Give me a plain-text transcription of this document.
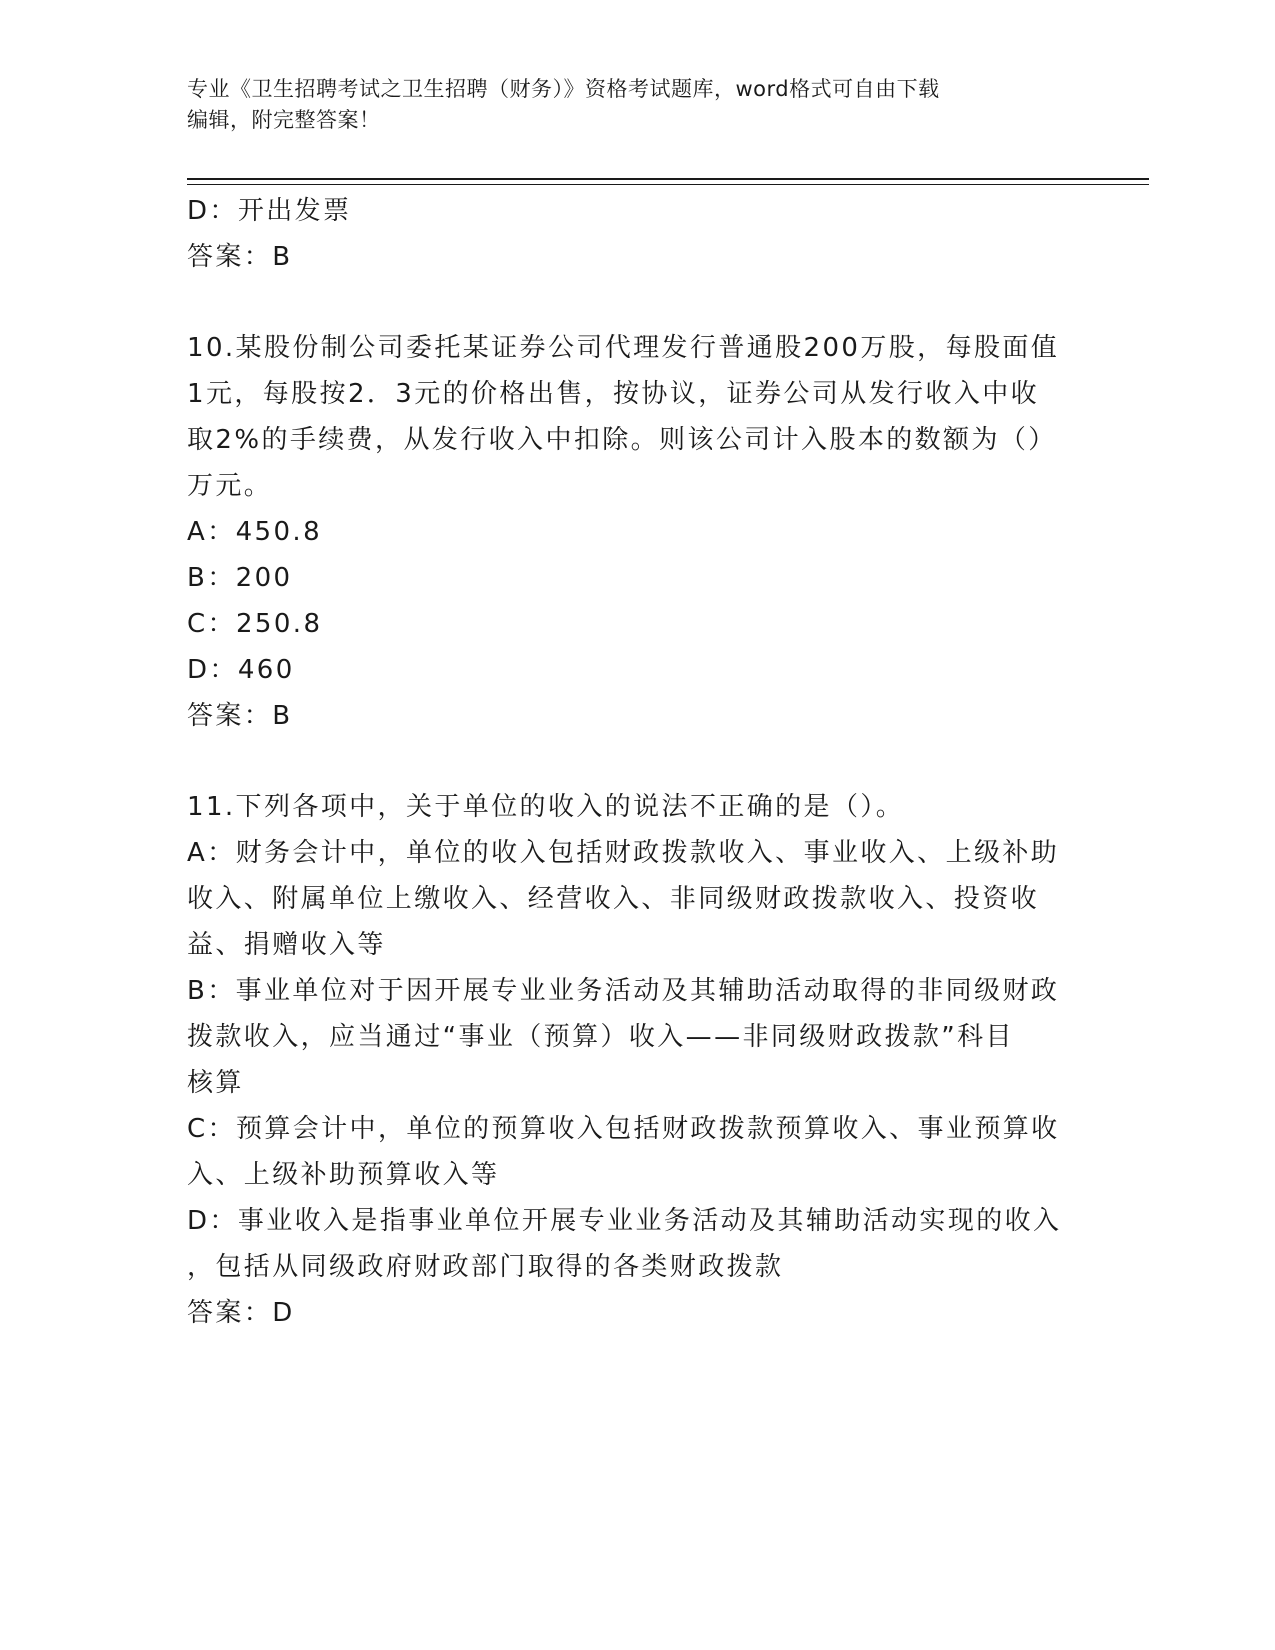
专业《卫生招聘考试之卫生招聘（财务）》资格考试题库，word格式可自由下载
编辑，附完整答案！
D：开出发票
答案：B
10.某股份制公司委托某证券公司代理发行普通股200万股，每股面值
1元，每股按2．3元的价格出售，按协议，证券公司从发行收入中收
取2%的手续费，从发行收入中扣除。则该公司计入股本的数额为（）
万元。
A：450.8
B：200
C：250.8
D：460
答案：B
11.下列各项中，关于单位的收入的说法不正确的是（）。
A：财务会计中，单位的收入包括财政拨款收入、事业收入、上级补助
收入、附属单位上缴收入、经营收入、非同级财政拨款收入、投资收
益、捐赠收入等
B：事业单位对于因开展专业业务活动及其辅助活动取得的非同级财政
拨款收入，应当通过“事业（预算）收入——非同级财政拨款”科目
核算
C：预算会计中，单位的预算收入包括财政拨款预算收入、事业预算收
入、上级补助预算收入等
D：事业收入是指事业单位开展专业业务活动及其辅助活动实现的收入
，包括从同级政府财政部门取得的各类财政拨款
答案：D
